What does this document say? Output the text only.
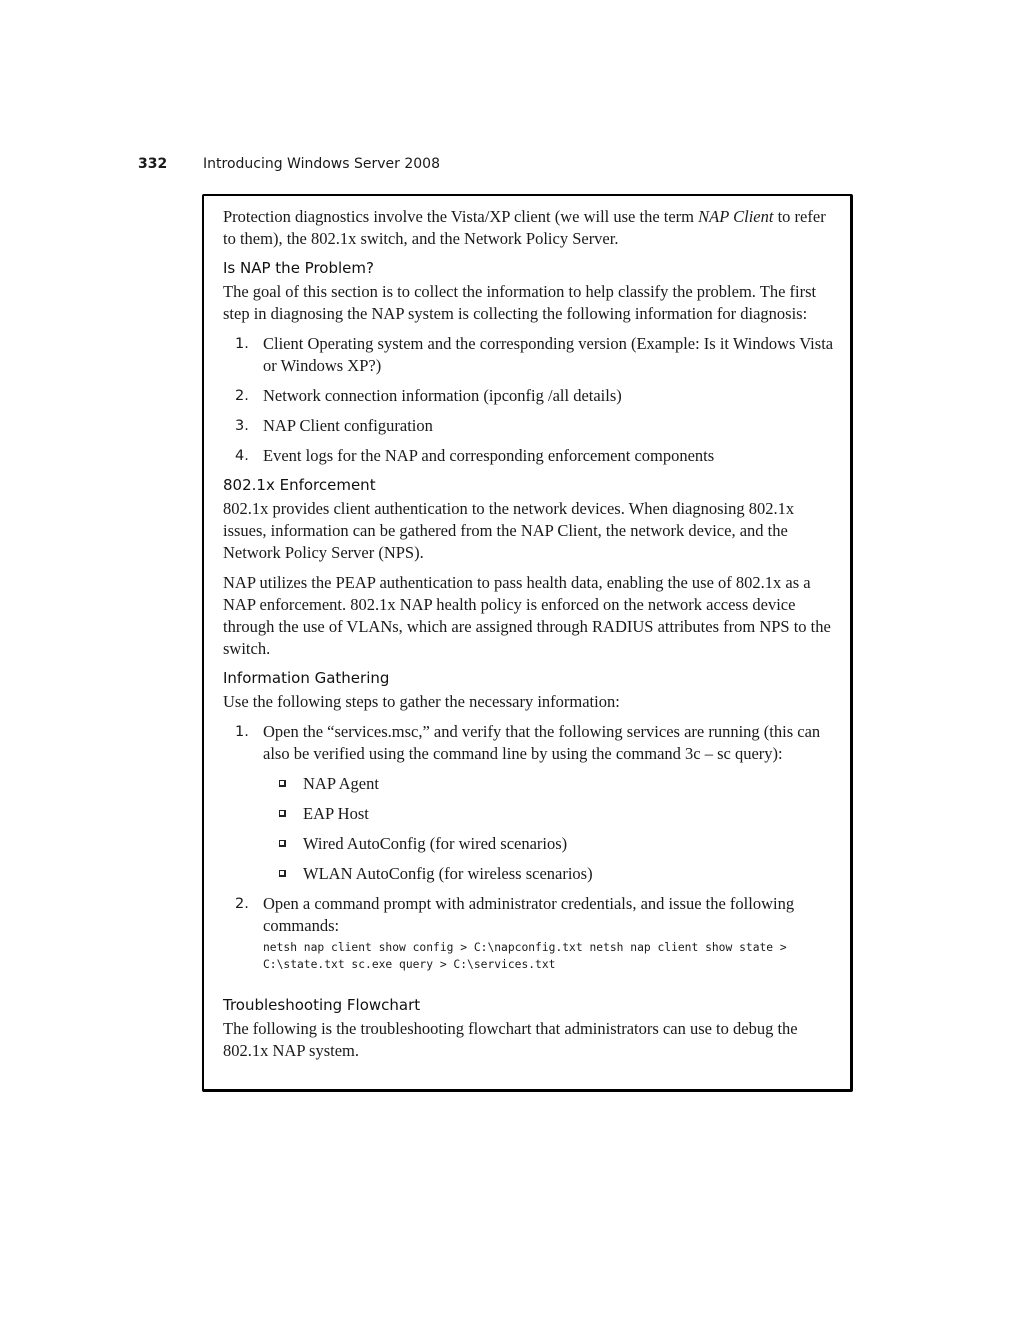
332	Introducing Windows Server 2008

Protection diagnostics involve the Vista/XP client (we will use the term NAP Client to refer to them), the 802.1x switch, and the Network Policy Server.

Is NAP the Problem?

The goal of this section is to collect the information to help classify the problem. The first step in diagnosing the NAP system is collecting the following information for diagnosis:

1. Client Operating system and the corresponding version (Example: Is it Windows Vista or Windows XP?)
2. Network connection information (ipconfig /all details)
3. NAP Client configuration
4. Event logs for the NAP and corresponding enforcement components
802.1x Enforcement

802.1x provides client authentication to the network devices. When diagnosing 802.1x issues, information can be gathered from the NAP Client, the network device, and the Network Policy Server (NPS).

NAP utilizes the PEAP authentication to pass health data, enabling the use of 802.1x as a NAP enforcement. 802.1x NAP health policy is enforced on the network access device through the use of VLANs, which are assigned through RADIUS attributes from NPS to the switch.

Information Gathering

Use the following steps to gather the necessary information:

1. Open the “services.msc,” and verify that the following services are running (this can also be verified using the command line by using the command 3c – sc query):
NAP Agent
EAP Host
Wired AutoConfig (for wired scenarios)
WLAN AutoConfig (for wireless scenarios)
2. Open a command prompt with administrator credentials, and issue the following commands:
netsh nap client show config > C:\napconfig.txt netsh nap client show state > C:\state.txt sc.exe query > C:\services.txt
Troubleshooting Flowchart

The following is the troubleshooting flowchart that administrators can use to debug the 802.1x NAP system.
